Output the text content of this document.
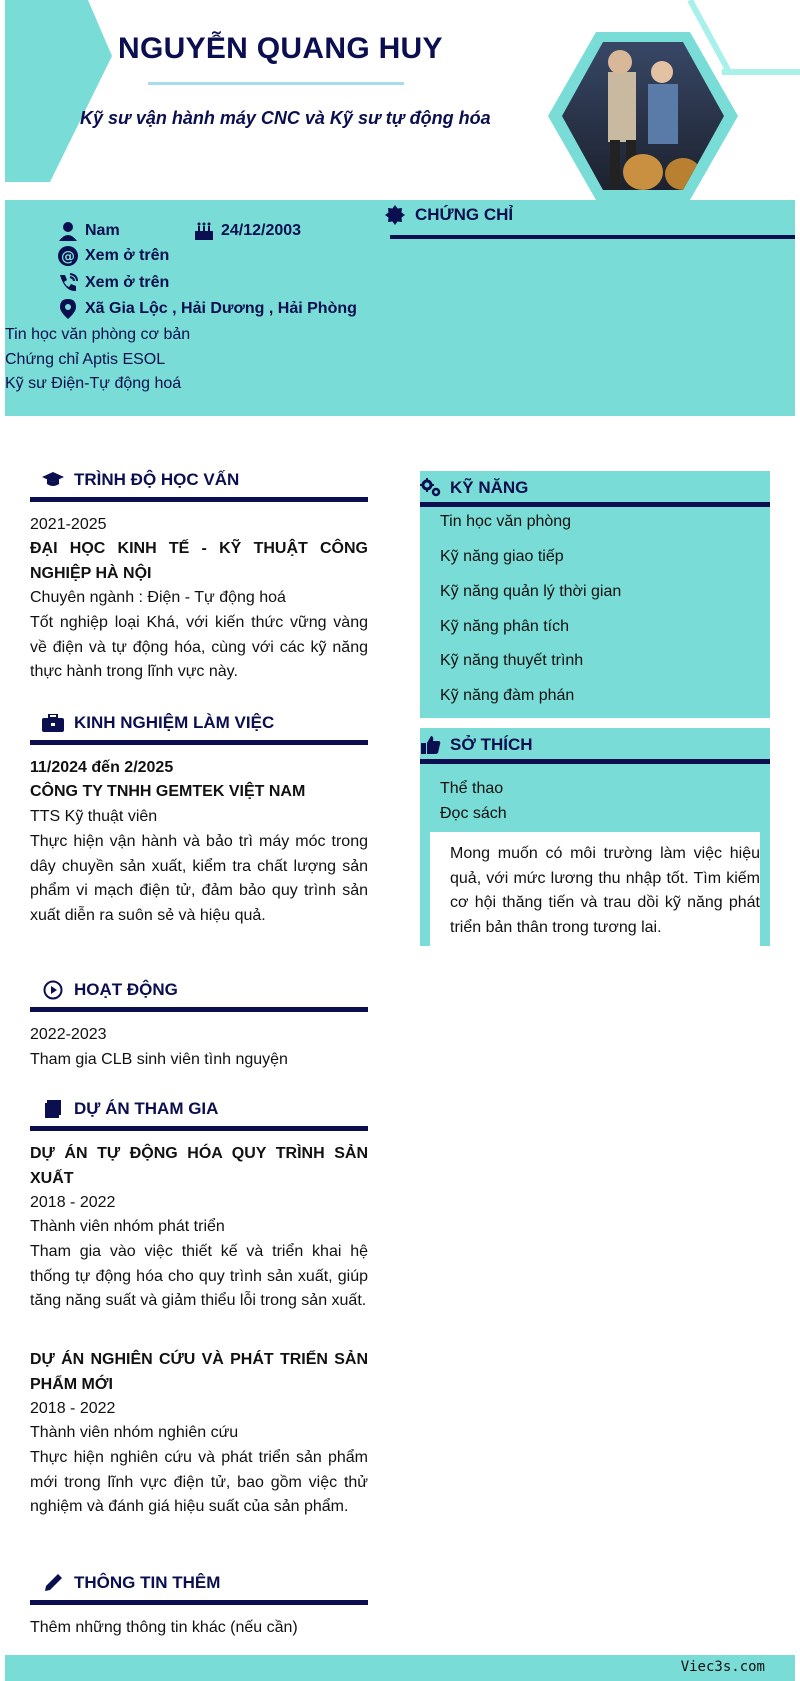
NGUYỄN QUANG HUY
Kỹ sư vận hành máy CNC và Kỹ sư tự động hóa
Nam	24/12/2003
@ Xem ở trên
Xem ở trên
Xã Gia Lộc , Hải Dương , Hải Phòng
Tin học văn phòng cơ bản
Chứng chỉ Aptis ESOL
Kỹ sư Điện-Tự động hoá
CHỨNG CHỈ
TRÌNH ĐỘ HỌC VẤN
2021-2025
ĐẠI HỌC KINH TẾ - KỸ THUẬT CÔNG NGHIỆP HÀ NỘI
Chuyên ngành : Điện - Tự động hoá
Tốt nghiệp loại Khá, với kiến thức vững vàng về điện và tự động hóa, cùng với các kỹ năng thực hành trong lĩnh vực này.
KINH NGHIỆM LÀM VIỆC
11/2024 đến 2/2025
CÔNG TY TNHH GEMTEK VIỆT NAM
TTS Kỹ thuật viên
Thực hiện vận hành và bảo trì máy móc trong dây chuyền sản xuất, kiểm tra chất lượng sản phẩm vi mạch điện tử, đảm bảo quy trình sản xuất diễn ra suôn sẻ và hiệu quả.
HOẠT ĐỘNG
2022-2023
Tham gia CLB sinh viên tình nguyện
DỰ ÁN THAM GIA
DỰ ÁN TỰ ĐỘNG HÓA QUY TRÌNH SẢN XUẤT
2018 - 2022
Thành viên nhóm phát triển
Tham gia vào việc thiết kế và triển khai hệ thống tự động hóa cho quy trình sản xuất, giúp tăng năng suất và giảm thiểu lỗi trong sản xuất.
DỰ ÁN NGHIÊN CỨU VÀ PHÁT TRIỂN SẢN PHẨM MỚI
2018 - 2022
Thành viên nhóm nghiên cứu
Thực hiện nghiên cứu và phát triển sản phẩm mới trong lĩnh vực điện tử, bao gồm việc thử nghiệm và đánh giá hiệu suất của sản phẩm.
THÔNG TIN THÊM
Thêm những thông tin khác (nếu cần)
KỸ NĂNG
Tin học văn phòng
Kỹ năng giao tiếp
Kỹ năng quản lý thời gian
Kỹ năng phân tích
Kỹ năng thuyết trình
Kỹ năng đàm phán
SỞ THÍCH
Thể thao
Đọc sách
Mong muốn có môi trường làm việc hiệu quả, với mức lương thu nhập tốt. Tìm kiếm cơ hội thăng tiến và trau dồi kỹ năng phát triển bản thân trong tương lai.
Viec3s.com
